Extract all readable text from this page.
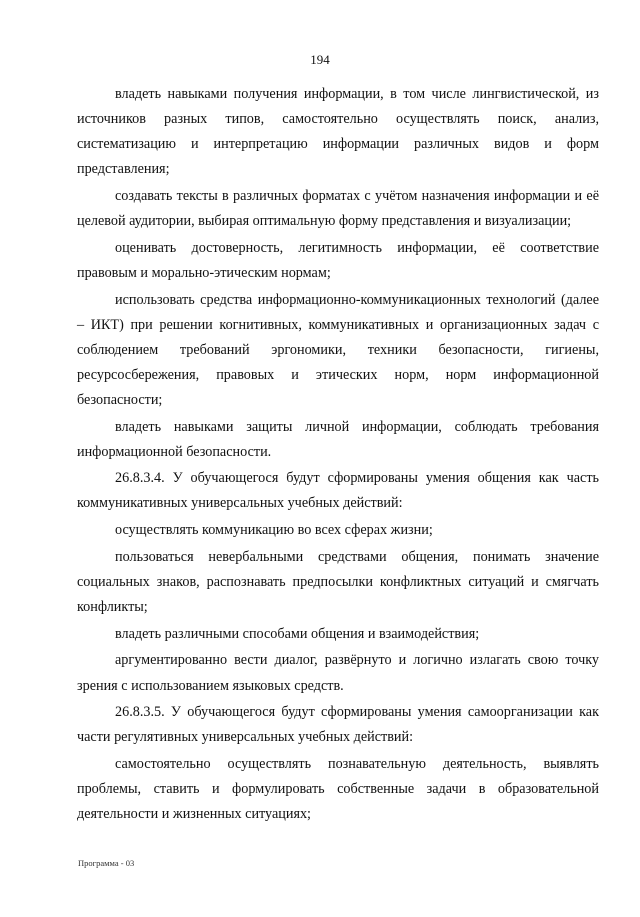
194

владеть навыками получения информации, в том числе лингвистической, из источников разных типов, самостоятельно осуществлять поиск, анализ, систематизацию и интерпретацию информации различных видов и форм представления;

создавать тексты в различных форматах с учётом назначения информации и её целевой аудитории, выбирая оптимальную форму представления и визуализации;

оценивать достоверность, легитимность информации, её соответствие правовым и морально-этическим нормам;

использовать средства информационно-коммуникационных технологий (далее – ИКТ) при решении когнитивных, коммуникативных и организационных задач с соблюдением требований эргономики, техники безопасности, гигиены, ресурсосбережения, правовых и этических норм, норм информационной безопасности;

владеть навыками защиты личной информации, соблюдать требования информационной безопасности.

26.8.3.4. У обучающегося будут сформированы умения общения как часть коммуникативных универсальных учебных действий:

осуществлять коммуникацию во всех сферах жизни;

пользоваться невербальными средствами общения, понимать значение социальных знаков, распознавать предпосылки конфликтных ситуаций и смягчать конфликты;

владеть различными способами общения и взаимодействия;

аргументированно вести диалог, развёрнуто и логично излагать свою точку зрения с использованием языковых средств.

26.8.3.5. У обучающегося будут сформированы умения самоорганизации как части регулятивных универсальных учебных действий:

самостоятельно осуществлять познавательную деятельность, выявлять проблемы, ставить и формулировать собственные задачи в образовательной деятельности и жизненных ситуациях;

Программа - 03
